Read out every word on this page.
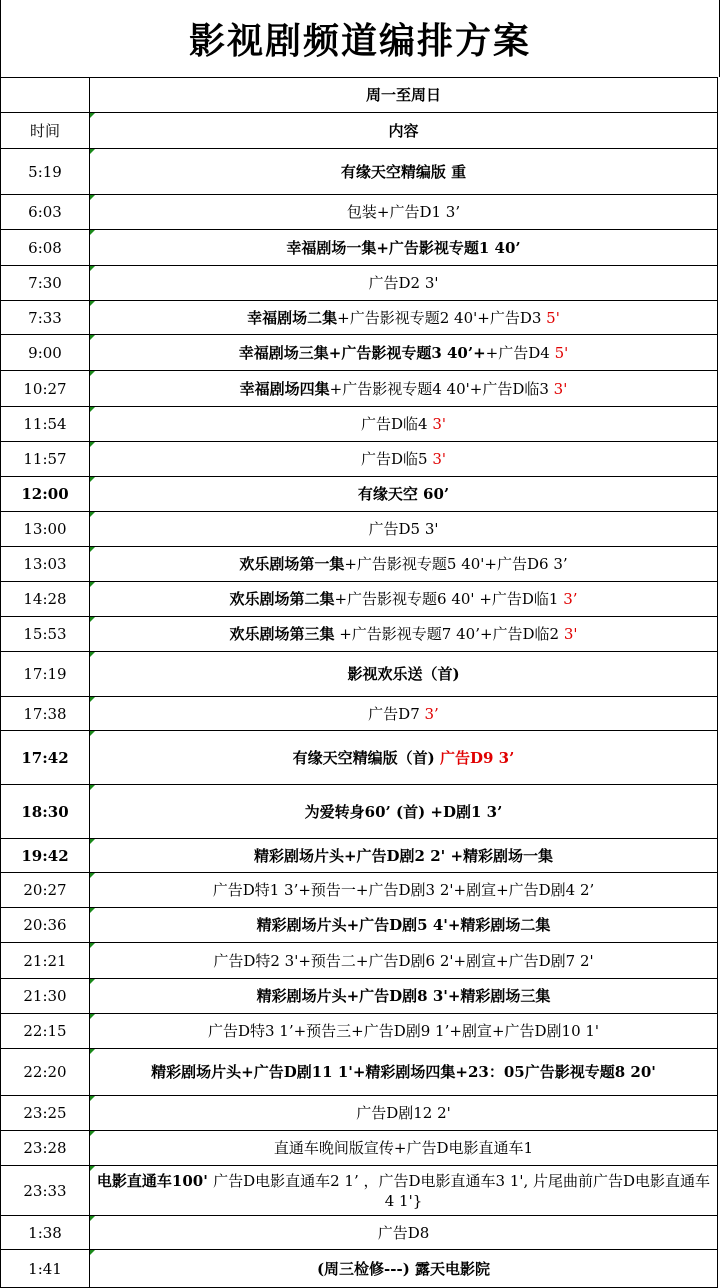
影视剧频道编排方案
	周一至周日
时间	内容
5:19	有缘天空精编版 重
6:03	包装+广告D1 3’
6:08	幸福剧场一集+广告影视专题1 40’
7:30	广告D2 3'
7:33	幸福剧场二集+广告影视专题2 40'+广告D3 5'
9:00	幸福剧场三集+广告影视专题3 40’++广告D4 5'
10:27	幸福剧场四集+广告影视专题4 40'+广告D临3 3'
11:54	广告D临4 3'
11:57	广告D临5 3'
12:00	有缘天空 60’
13:00	广告D5 3'
13:03	欢乐剧场第一集+广告影视专题5 40'+广告D6 3’
14:28	欢乐剧场第二集+广告影视专题6 40' +广告D临1 3’
15:53	欢乐剧场第三集 +广告影视专题7 40’+广告D临2 3'
17:19	影视欢乐送（首)
17:38	广告D7 3’
17:42	有缘天空精编版（首) 广告D9 3’
18:30	为爱转身60’ (首) +D剧1 3’
19:42	精彩剧场片头+广告D剧2 2' +精彩剧场一集
20:27	广告D特1 3’+预告一+广告D剧3 2'+剧宣+广告D剧4 2’
20:36	精彩剧场片头+广告D剧5 4'+精彩剧场二集
21:21	广告D特2 3'+预告二+广告D剧6 2'+剧宣+广告D剧7 2'
21:30	精彩剧场片头+广告D剧8 3'+精彩剧场三集
22:15	广告D特3 1’+预告三+广告D剧9 1’+剧宣+广告D剧10 1'
22:20	精彩剧场片头+广告D剧11 1'+精彩剧场四集+23：05广告影视专题8 20'
23:25	广告D剧12 2'
23:28	直通车晚间版宣传+广告D电影直通车1
23:33	电影直通车100' 广告D电影直通车2 1’ ，广告D电影直通车3 1', 片尾曲前广告D电影直通车4 1'}
1:38	广告D8
1:41	(周三检修---) 露天电影院
